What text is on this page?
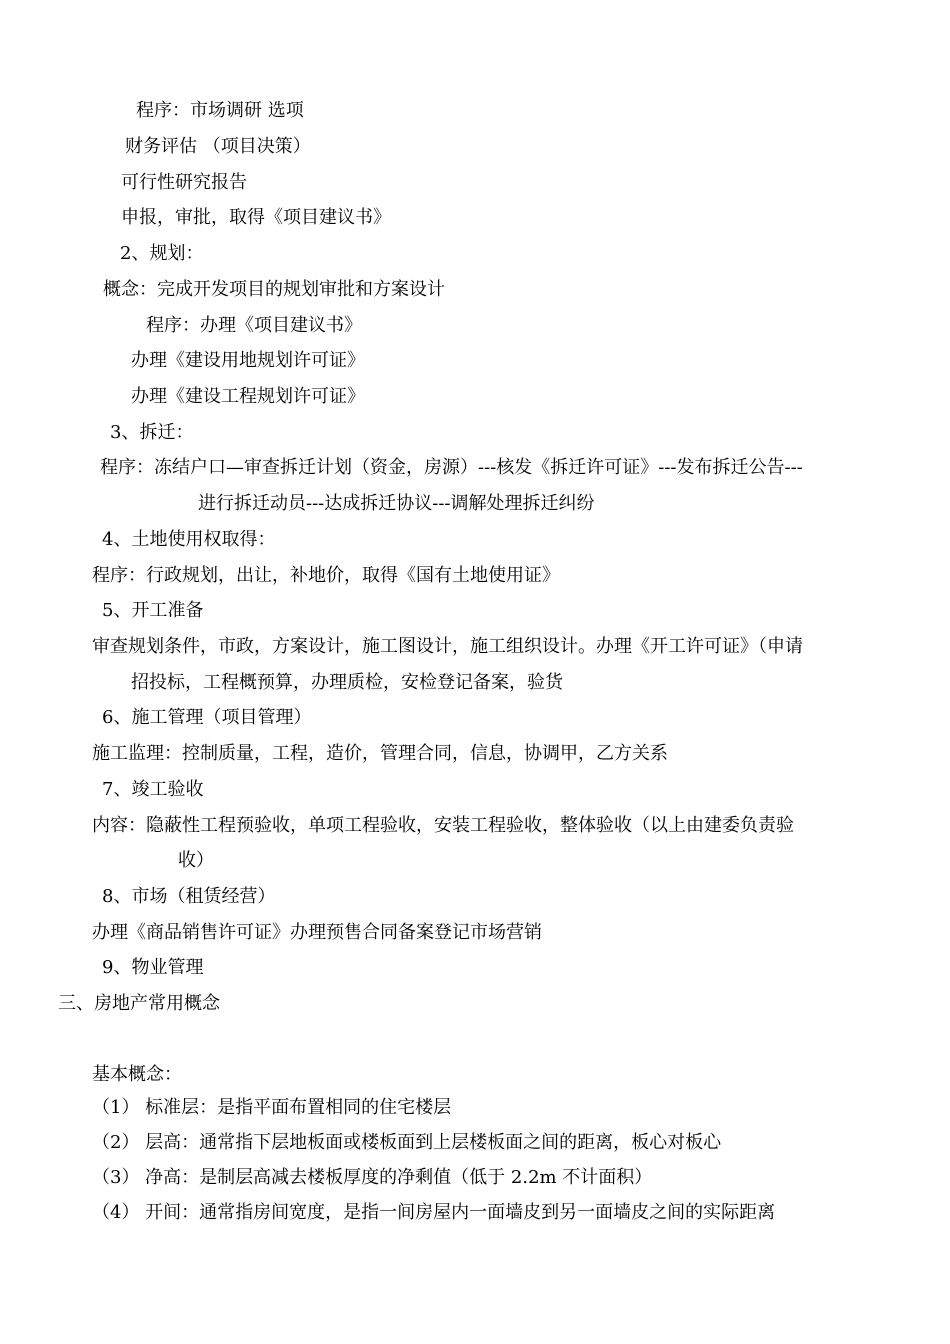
程序：市场调研 选项
财务评估 （项目决策）
可行性研究报告
申报，审批，取得《项目建议书》
2、规划：
概念：完成开发项目的规划审批和方案设计
程序：办理《项目建议书》
办理《建设用地规划许可证》
办理《建设工程规划许可证》
3、拆迁：
程序：冻结户口—审查拆迁计划（资金，房源）---核发《拆迁许可证》---发布拆迁公告---
进行拆迁动员---达成拆迁协议---调解处理拆迁纠纷
4、土地使用权取得：
程序：行政规划，出让，补地价，取得《国有土地使用证》
5、开工准备
审查规划条件，市政，方案设计，施工图设计，施工组织设计。办理《开工许可证》（申请
招投标，工程概预算，办理质检，安检登记备案，验货
6、施工管理（项目管理）
施工监理：控制质量，工程，造价，管理合同，信息，协调甲，乙方关系
7、竣工验收
内容：隐蔽性工程预验收，单项工程验收，安装工程验收，整体验收（以上由建委负责验
收）
8、市场（租赁经营）
办理《商品销售许可证》办理预售合同备案登记市场营销
9、物业管理
三、房地产常用概念
基本概念：
（1） 标准层：是指平面布置相同的住宅楼层
（2） 层高：通常指下层地板面或楼板面到上层楼板面之间的距离，板心对板心
（3） 净高：是制层高减去楼板厚度的净剩值（低于 2.2m 不计面积）
（4） 开间：通常指房间宽度，是指一间房屋内一面墙皮到另一面墙皮之间的实际距离
